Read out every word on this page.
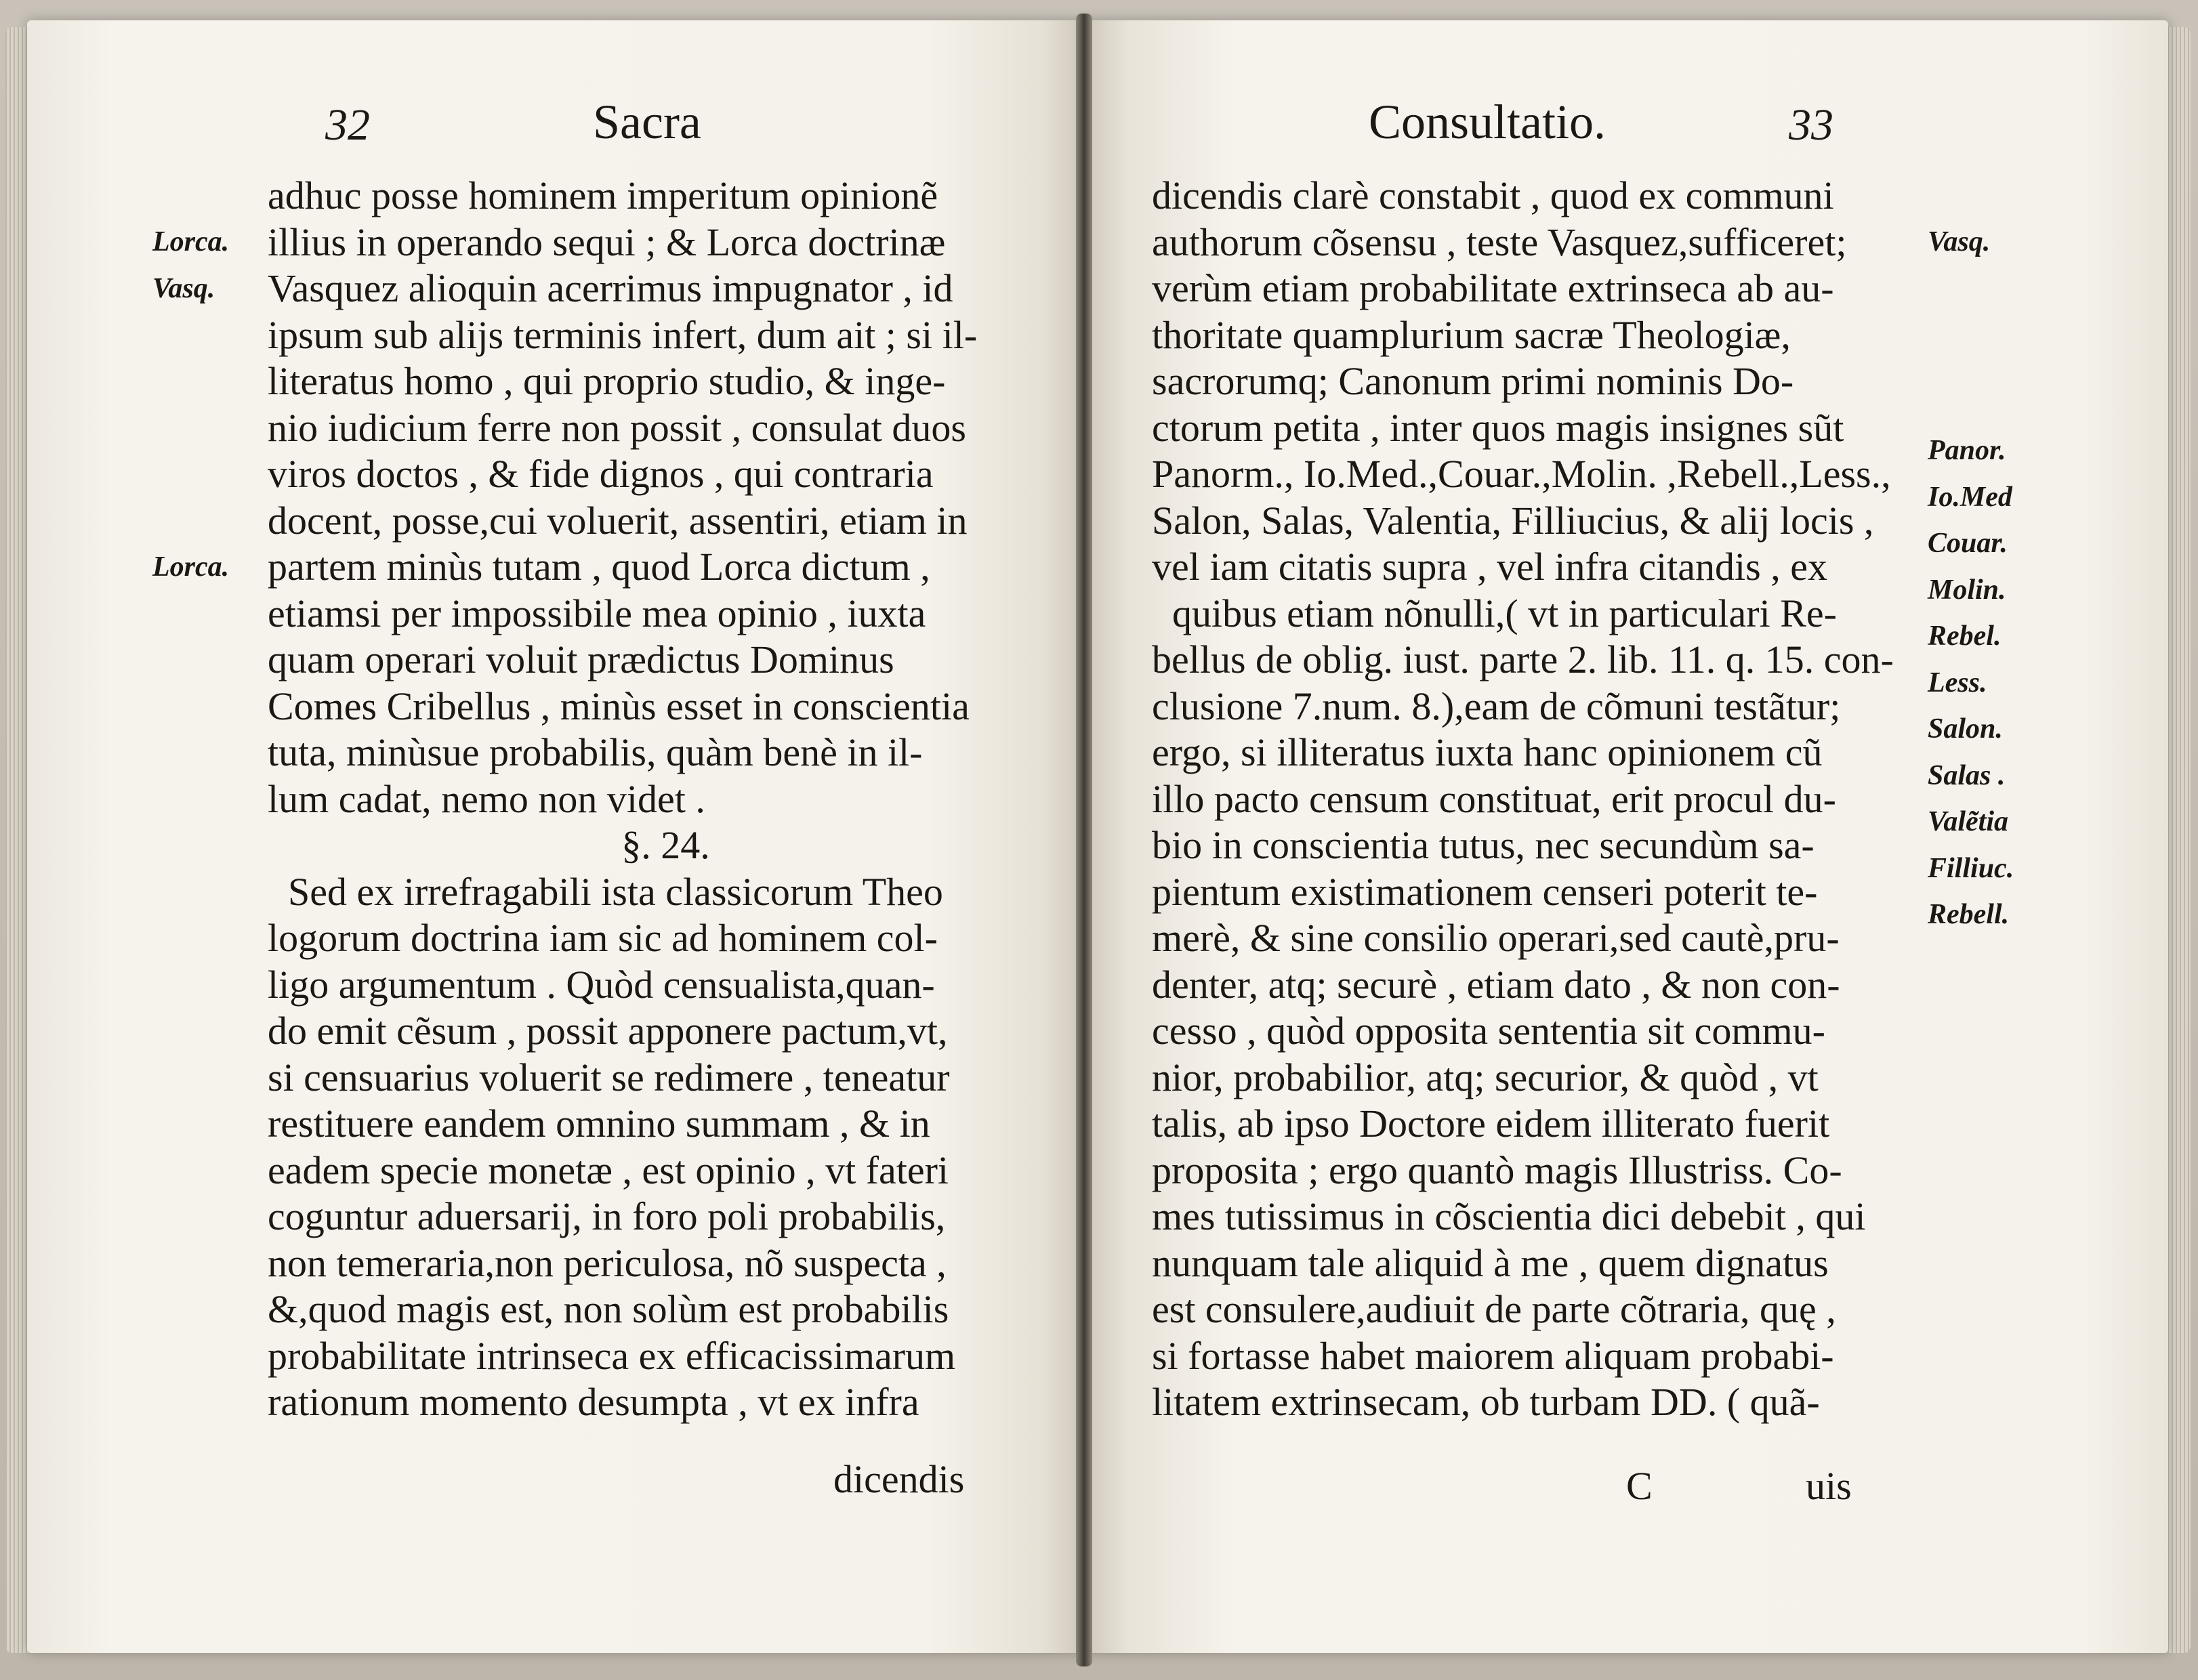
32	Sacra
Lorca.
Vasq.
Lorca.
adhuc posse hominem imperitum opinionẽ
illius in operando sequi ; & Lorca doctrinæ
Vasquez alioquin acerrimus impugnator , id
ipsum sub alijs terminis infert, dum ait ; si il-
literatus homo , qui proprio studio, & inge-
nio iudicium ferre non possit , consulat duos
viros doctos , & fide dignos , qui contraria
docent, posse,cui voluerit, assentiri, etiam in
partem minùs tutam , quod Lorca dictum ,
etiamsi per impossibile mea opinio , iuxta
quam operari voluit prædictus Dominus
Comes Cribellus , minùs esset in conscientia
tuta, minùsue probabilis, quàm benè in il-
lum cadat, nemo non videt .
§. 24.
Sed ex irrefragabili ista classicorum Theo
logorum doctrina iam sic ad hominem col-
ligo argumentum . Quòd censualista,quan-
do emit cẽsum , possit apponere pactum,vt,
si censuarius voluerit se redimere , teneatur
restituere eandem omnino summam , & in
eadem specie monetæ , est opinio , vt fateri
coguntur aduersarij, in foro poli probabilis,
non temeraria,non periculosa, nõ suspecta ,
&,quod magis est, non solùm est probabilis
probabilitate intrinseca ex efficacissimarum
rationum momento desumpta , vt ex infra
dicendis
Consultatio.	33
dicendis clarè constabit , quod ex communi
authorum cõsensu , teste Vasquez,sufficeret;
verùm etiam probabilitate extrinseca ab au-
thoritate quamplurium sacræ Theologiæ,
sacrorumq; Canonum primi nominis Do-
ctorum petita , inter quos magis insignes sũt
Panorm., Io.Med.,Couar.,Molin. ,Rebell.,Less.,
Salon, Salas, Valentia, Filliucius, & alij locis ,
vel iam citatis supra , vel infra citandis , ex
quibus etiam nõnulli,( vt in particulari Re-
bellus de oblig. iust. parte 2. lib. 11. q. 15. con-
clusione 7.num. 8.),eam de cõmuni testãtur;
ergo, si illiteratus iuxta hanc opinionem cũ
illo pacto censum constituat, erit procul du-
bio in conscientia tutus, nec secundùm sa-
pientum existimationem censeri poterit te-
merè, & sine consilio operari,sed cautè,pru-
denter, atq; securè , etiam dato , & non con-
cesso , quòd opposita sententia sit commu-
nior, probabilior, atq; securior, & quòd , vt
talis, ab ipso Doctore eidem illiterato fuerit
proposita ; ergo quantò magis Illustriss. Co-
mes tutissimus in cõscientia dici debebit , qui
nunquam tale aliquid à me , quem dignatus
est consulere,audiuit de parte cõtraria, quę ,
si fortasse habet maiorem aliquam probabi-
litatem extrinsecam, ob turbam DD. ( quã-
Vasq.
Panor.
Io.Med
Couar.
Molin.
Rebel.
Less.
Salon.
Salas .
Valẽtia
Filliuc.
Rebell.
C	uis
